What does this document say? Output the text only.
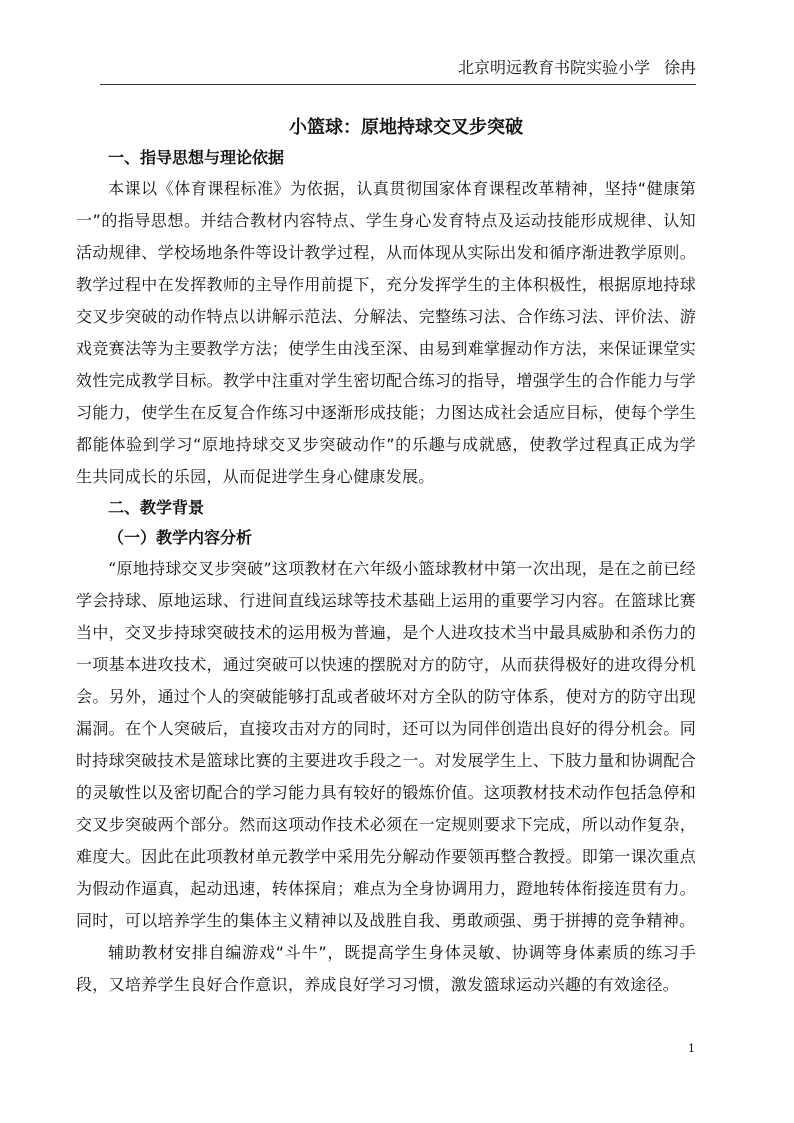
北京明远教育书院实验小学 徐冉
小篮球：原地持球交叉步突破
一、指导思想与理论依据

本课以《体育课程标准》为依据，认真贯彻国家体育课程改革精神，坚持“健康第一”的指导思想。并结合教材内容特点、学生身心发育特点及运动技能形成规律、认知活动规律、学校场地条件等设计教学过程，从而体现从实际出发和循序渐进教学原则。教学过程中在发挥教师的主导作用前提下，充分发挥学生的主体积极性，根据原地持球交叉步突破的动作特点以讲解示范法、分解法、完整练习法、合作练习法、评价法、游戏竞赛法等为主要教学方法；使学生由浅至深、由易到难掌握动作方法，来保证课堂实效性完成教学目标。教学中注重对学生密切配合练习的指导，增强学生的合作能力与学习能力，使学生在反复合作练习中逐渐形成技能；力图达成社会适应目标，使每个学生都能体验到学习“原地持球交叉步突破动作”的乐趣与成就感，使教学过程真正成为学生共同成长的乐园，从而促进学生身心健康发展。

二、教学背景
（一）教学内容分析

“原地持球交叉步突破”这项教材在六年级小篮球教材中第一次出现，是在之前已经学会持球、原地运球、行进间直线运球等技术基础上运用的重要学习内容。在篮球比赛当中，交叉步持球突破技术的运用极为普遍，是个人进攻技术当中最具威胁和杀伤力的一项基本进攻技术，通过突破可以快速的摆脱对方的防守，从而获得极好的进攻得分机会。另外，通过个人的突破能够打乱或者破坏对方全队的防守体系，使对方的防守出现漏洞。在个人突破后，直接攻击对方的同时，还可以为同伴创造出良好的得分机会。同时持球突破技术是篮球比赛的主要进攻手段之一。对发展学生上、下肢力量和协调配合的灵敏性以及密切配合的学习能力具有较好的锻炼价值。这项教材技术动作包括急停和交叉步突破两个部分。然而这项动作技术必须在一定规则要求下完成，所以动作复杂，难度大。因此在此项教材单元教学中采用先分解动作要领再整合教授。即第一课次重点为假动作逼真，起动迅速，转体探肩；难点为全身协调用力，蹬地转体衔接连贯有力。同时，可以培养学生的集体主义精神以及战胜自我、勇敢顽强、勇于拼搏的竞争精神。

辅助教材安排自编游戏“斗牛”，既提高学生身体灵敏、协调等身体素质的练习手段，又培养学生良好合作意识，养成良好学习习惯，激发篮球运动兴趣的有效途径。

1
